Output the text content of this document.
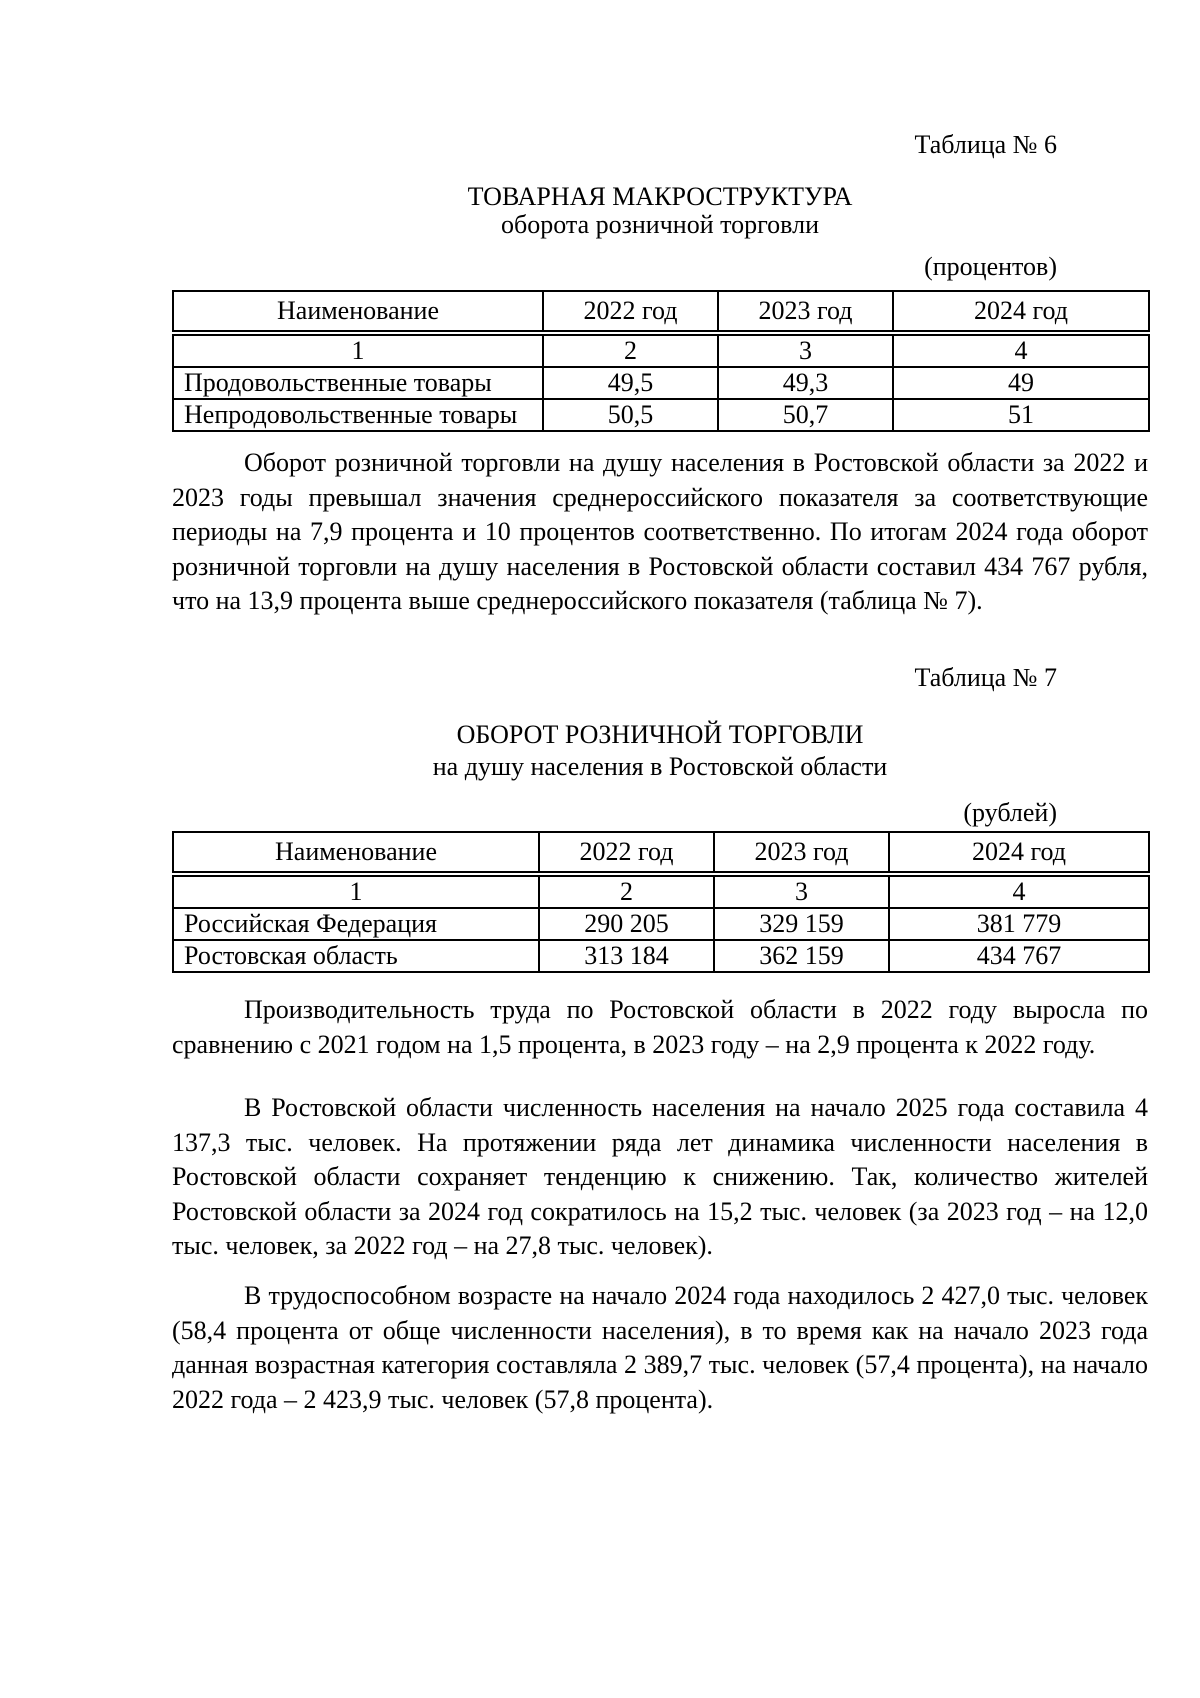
Таблица № 6
ТОВАРНАЯ МАКРОСТРУКТУРА
оборота розничной торговли
(процентов)
Наименование	2022 год	2023 год	2024 год
1	2	3	4
Продовольственные товары	49,5	49,3	49
Непродовольственные товары	50,5	50,7	51

Оборот розничной торговли на душу населения в Ростовской области за 2022 и 2023 годы превышал значения среднероссийского показателя за соответствующие периоды на 7,9 процента и 10 процентов соответственно. По итогам 2024 года оборот розничной торговли на душу населения в Ростовской области составил 434 767 рубля, что на 13,9 процента выше среднероссийского показателя (таблица № 7).

Таблица № 7
ОБОРОТ РОЗНИЧНОЙ ТОРГОВЛИ
на душу населения в Ростовской области
(рублей)
Наименование	2022 год	2023 год	2024 год
1	2	3	4
Российская Федерация	290 205	329 159	381 779
Ростовская область	313 184	362 159	434 767

Производительность труда по Ростовской области в 2022 году выросла по сравнению с 2021 годом на 1,5 процента, в 2023 году – на 2,9 процента к 2022 году.

В Ростовской области численность населения на начало 2025 года составила 4 137,3 тыс. человек. На протяжении ряда лет динамика численности населения в Ростовской области сохраняет тенденцию к снижению. Так, количество жителей Ростовской области за 2024 год сократилось на 15,2 тыс. человек (за 2023 год – на 12,0 тыс. человек, за 2022 год – на 27,8 тыс. человек).

В трудоспособном возрасте на начало 2024 года находилось 2 427,0 тыс. человек (58,4 процента от обще численности населения), в то время как на начало 2023 года данная возрастная категория составляла 2 389,7 тыс. человек (57,4 процента), на начало 2022 года – 2 423,9 тыс. человек (57,8 процента).
